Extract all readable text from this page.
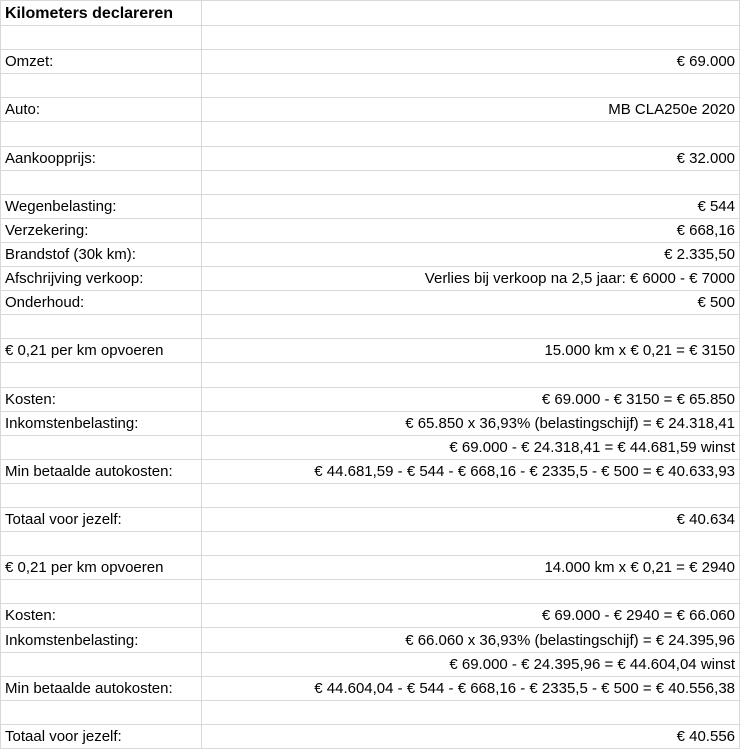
Kilometers declareren	

Omzet:	€ 69.000

Auto:	MB CLA250e 2020

Aankoopprijs:	€ 32.000

Wegenbelasting:	€ 544
Verzekering:	€ 668,16
Brandstof (30k km):	€ 2.335,50
Afschrijving verkoop:	Verlies bij verkoop na 2,5 jaar: € 6000 - € 7000
Onderhoud:	€ 500

€ 0,21 per km opvoeren	15.000 km x € 0,21 = € 3150

Kosten:	€ 69.000 - € 3150 = € 65.850
Inkomstenbelasting:	€ 65.850 x 36,93% (belastingschijf) = € 24.318,41
	€ 69.000 - € 24.318,41 = € 44.681,59 winst
Min betaalde autokosten:	€ 44.681,59 - € 544 - € 668,16 - € 2335,5 - € 500 = € 40.633,93

Totaal voor jezelf:	€ 40.634

€ 0,21 per km opvoeren	14.000 km x € 0,21 = € 2940

Kosten:	€ 69.000 - € 2940 = € 66.060
Inkomstenbelasting:	€ 66.060 x 36,93% (belastingschijf) = € 24.395,96
	€ 69.000 - € 24.395,96 = € 44.604,04 winst
Min betaalde autokosten:	€ 44.604,04 - € 544 - € 668,16 - € 2335,5 - € 500 = € 40.556,38

Totaal voor jezelf:	€ 40.556
